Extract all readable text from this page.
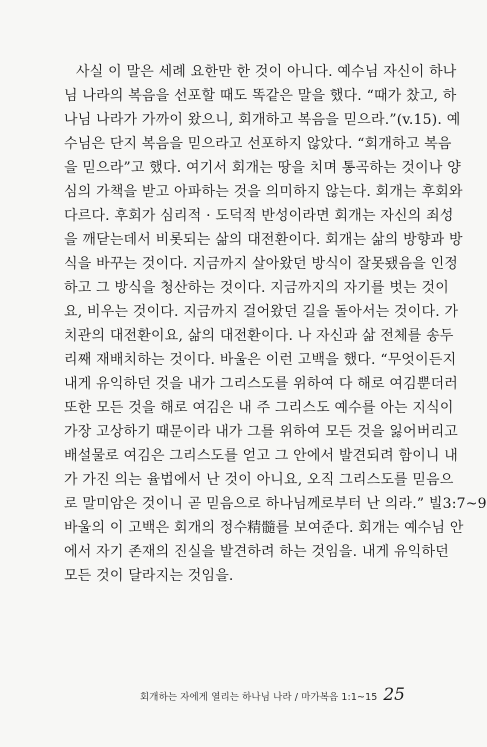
사실 이 말은 세례 요한만 한 것이 아니다. 예수님 자신이 하나
님 나라의 복음을 선포할 때도 똑같은 말을 했다. “때가 찼고, 하
나님 나라가 가까이 왔으니, 회개하고 복음을 믿으라.”(v.15). 예
수님은 단지 복음을 믿으라고 선포하지 않았다. “회개하고 복음
을 믿으라”고 했다. 여기서 회개는 땅을 치며 통곡하는 것이나 양
심의 가책을 받고 아파하는 것을 의미하지 않는다. 회개는 후회와
다르다. 후회가 심리적 · 도덕적 반성이라면 회개는 자신의 죄성
을 깨닫는데서 비롯되는 삶의 대전환이다. 회개는 삶의 방향과 방
식을 바꾸는 것이다. 지금까지 살아왔던 방식이 잘못됐음을 인정
하고 그 방식을 청산하는 것이다. 지금까지의 자기를 벗는 것이
요, 비우는 것이다. 지금까지 걸어왔던 길을 돌아서는 것이다. 가
치관의 대전환이요, 삶의 대전환이다. 나 자신과 삶 전체를 송두
리째 재배치하는 것이다. 바울은 이런 고백을 했다. “무엇이든지
내게 유익하던 것을 내가 그리스도를 위하여 다 해로 여김뿐더러
또한 모든 것을 해로 여김은 내 주 그리스도 예수를 아는 지식이
가장 고상하기 때문이라 내가 그를 위하여 모든 것을 잃어버리고
배설물로 여김은 그리스도를 얻고 그 안에서 발견되려 함이니 내
가 가진 의는 율법에서 난 것이 아니요, 오직 그리스도를 믿음으
로 말미암은 것이니 곧 믿음으로 하나님께로부터 난 의라.” 빌3:7~9
바울의 이 고백은 회개의 정수精髓를 보여준다. 회개는 예수님 안
에서 자기 존재의 진실을 발견하려 하는 것임을. 내게 유익하던
모든 것이 달라지는 것임을.
회개하는 자에게 열리는 하나님 나라 / 마가복음 1:1~15 25
